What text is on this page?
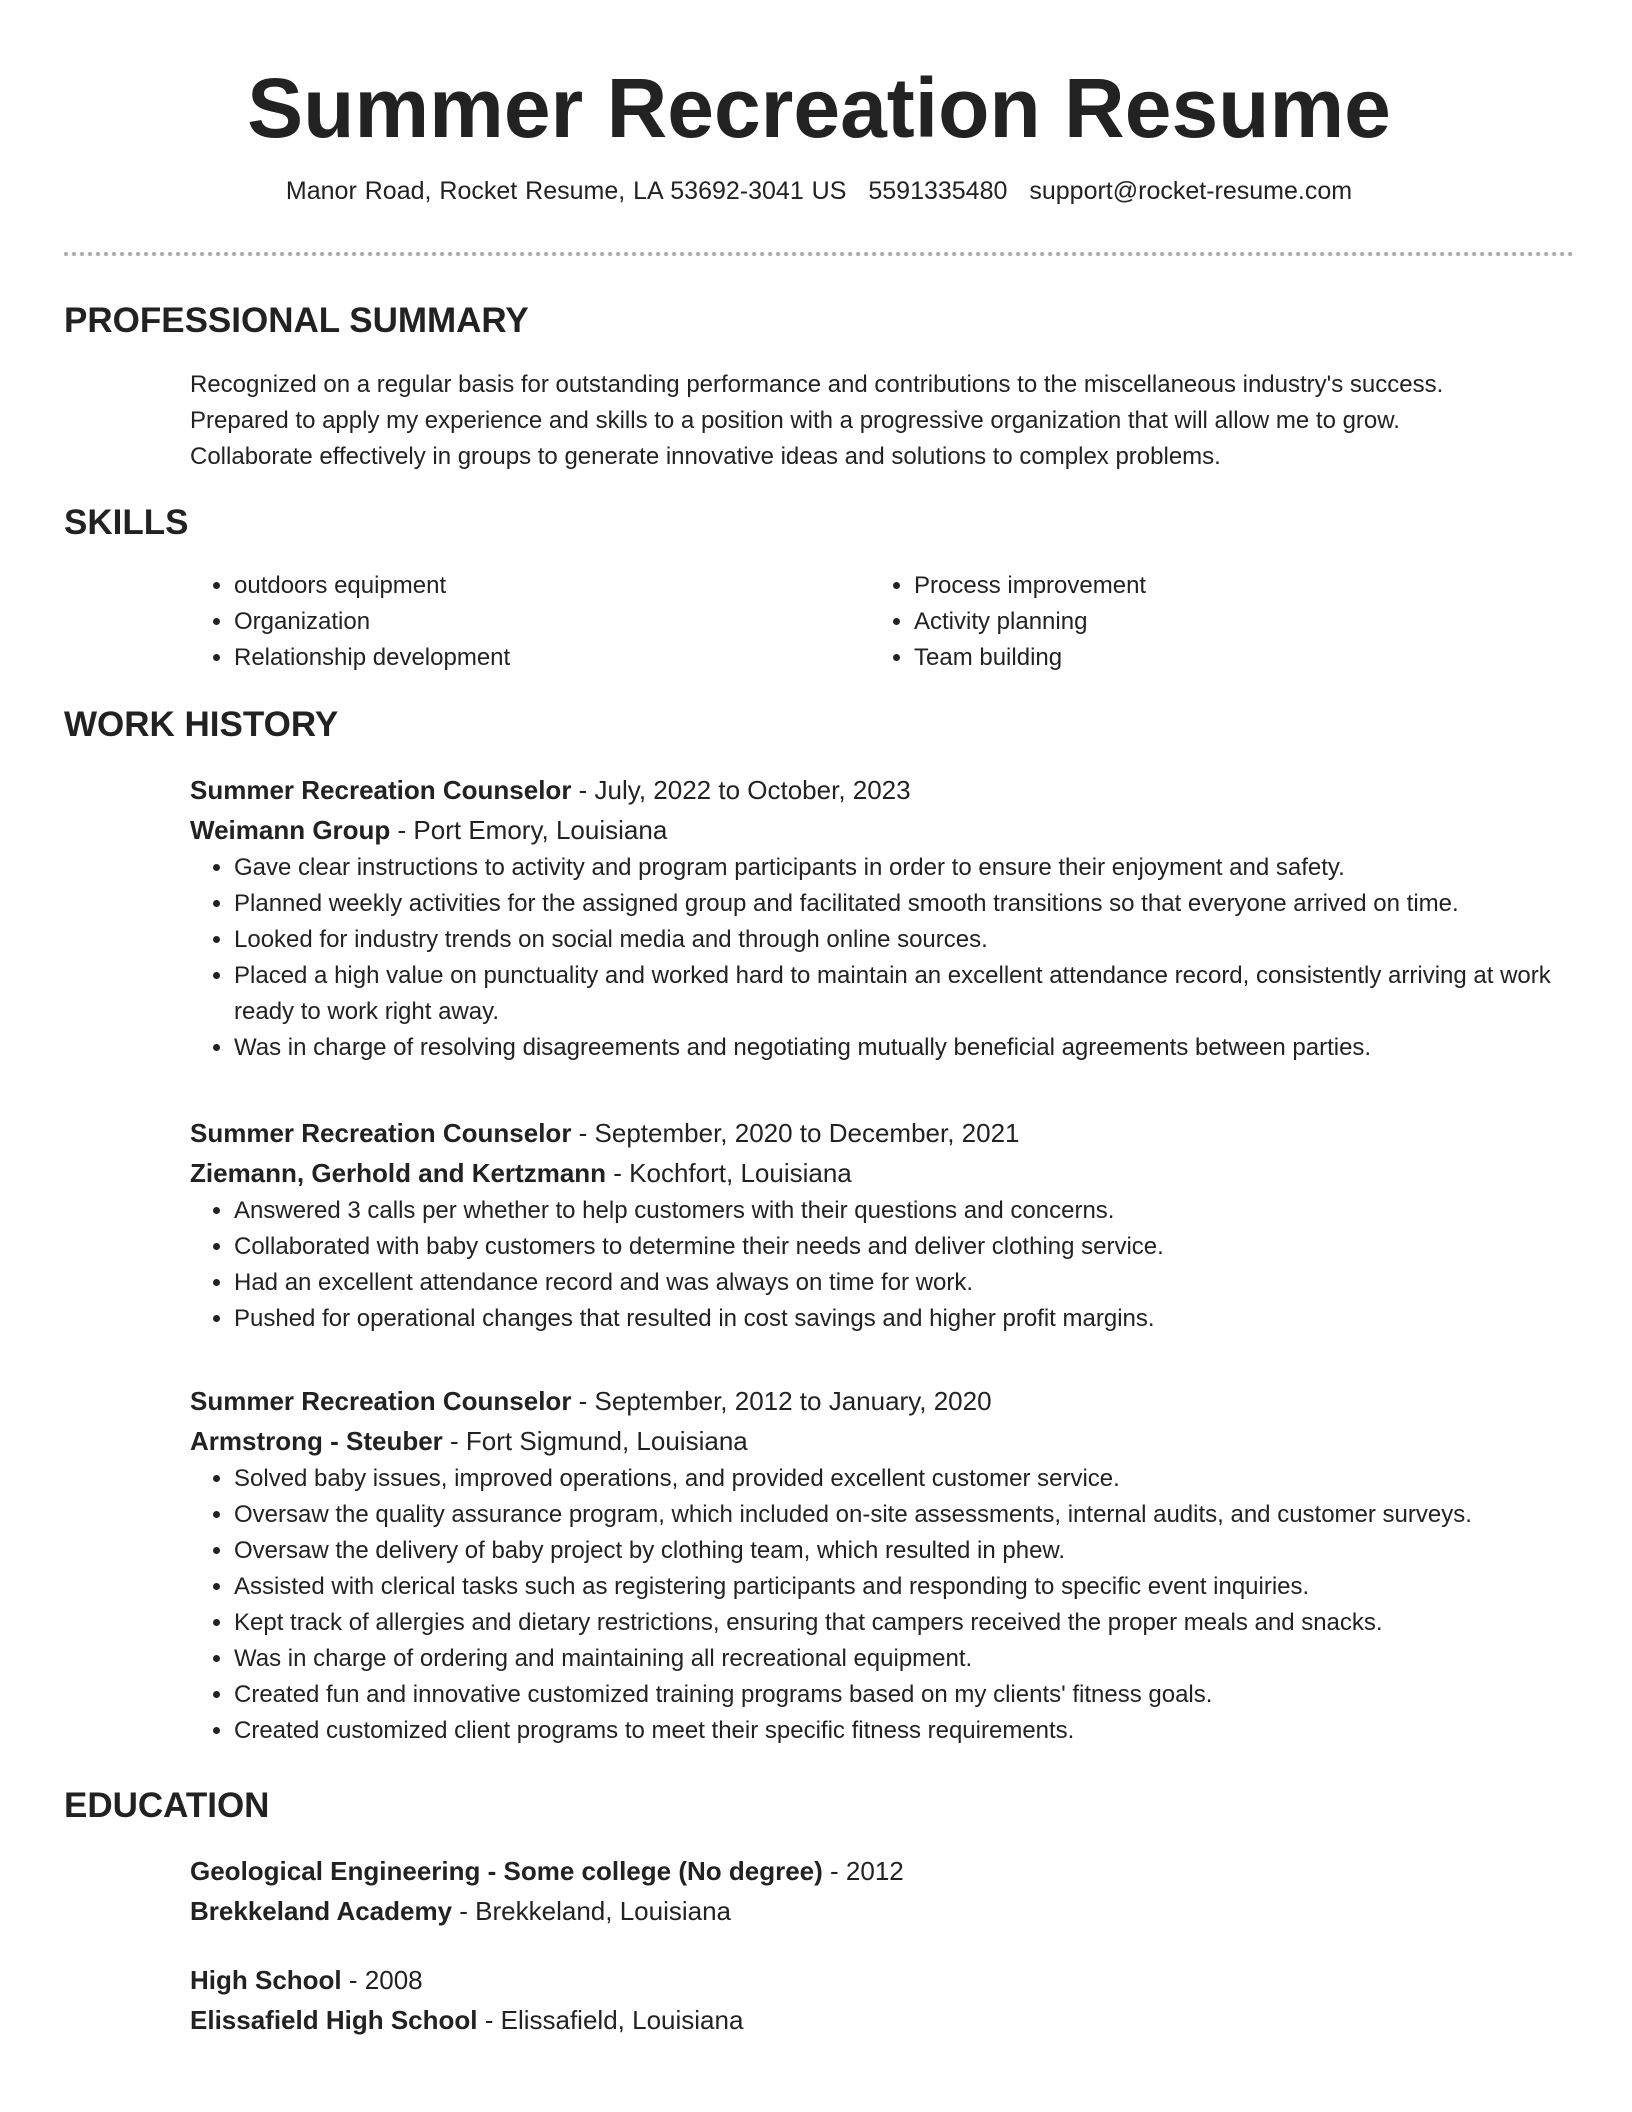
Summer Recreation Resume
Manor Road, Rocket Resume, LA 53692-3041 US 5591335480 support@rocket-resume.com
PROFESSIONAL SUMMARY

Recognized on a regular basis for outstanding performance and contributions to the miscellaneous industry's success.

Prepared to apply my experience and skills to a position with a progressive organization that will allow me to grow.

Collaborate effectively in groups to generate innovative ideas and solutions to complex problems.

SKILLS
• outdoors equipment
• Organization
• Relationship development
• Process improvement
• Activity planning
• Team building
WORK HISTORY
Summer Recreation Counselor - July, 2022 to October, 2023
Weimann Group - Port Emory, Louisiana
• Gave clear instructions to activity and program participants in order to ensure their enjoyment and safety.
• Planned weekly activities for the assigned group and facilitated smooth transitions so that everyone arrived on time.
• Looked for industry trends on social media and through online sources.
• Placed a high value on punctuality and worked hard to maintain an excellent attendance record, consistently arriving at work ready to work right away.
• Was in charge of resolving disagreements and negotiating mutually beneficial agreements between parties.
Summer Recreation Counselor - September, 2020 to December, 2021
Ziemann, Gerhold and Kertzmann - Kochfort, Louisiana
• Answered 3 calls per whether to help customers with their questions and concerns.
• Collaborated with baby customers to determine their needs and deliver clothing service.
• Had an excellent attendance record and was always on time for work.
• Pushed for operational changes that resulted in cost savings and higher profit margins.
Summer Recreation Counselor - September, 2012 to January, 2020
Armstrong - Steuber - Fort Sigmund, Louisiana
• Solved baby issues, improved operations, and provided excellent customer service.
• Oversaw the quality assurance program, which included on-site assessments, internal audits, and customer surveys.
• Oversaw the delivery of baby project by clothing team, which resulted in phew.
• Assisted with clerical tasks such as registering participants and responding to specific event inquiries.
• Kept track of allergies and dietary restrictions, ensuring that campers received the proper meals and snacks.
• Was in charge of ordering and maintaining all recreational equipment.
• Created fun and innovative customized training programs based on my clients' fitness goals.
• Created customized client programs to meet their specific fitness requirements.
EDUCATION
Geological Engineering - Some college (No degree) - 2012
Brekkeland Academy - Brekkeland, Louisiana
High School - 2008
Elissafield High School - Elissafield, Louisiana
